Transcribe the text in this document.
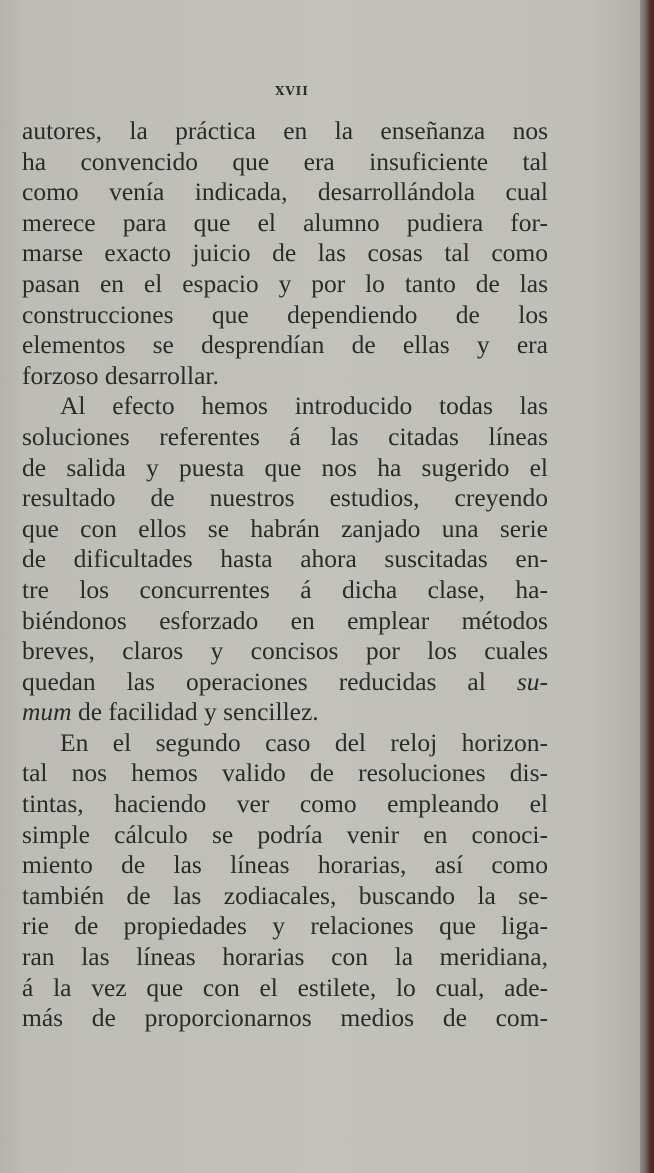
XVII
autores, la práctica en la enseñanza nos
ha convencido que era insuficiente tal
como venía indicada, desarrollándola cual
merece para que el alumno pudiera for-
marse exacto juicio de las cosas tal como
pasan en el espacio y por lo tanto de las
construcciones que dependiendo de los
elementos se desprendían de ellas y era
forzoso desarrollar.
Al efecto hemos introducido todas las
soluciones referentes á las citadas líneas
de salida y puesta que nos ha sugerido el
resultado de nuestros estudios, creyendo
que con ellos se habrán zanjado una serie
de dificultades hasta ahora suscitadas en-
tre los concurrentes á dicha clase, ha-
biéndonos esforzado en emplear métodos
breves, claros y concisos por los cuales
quedan las operaciones reducidas al su-
mum de facilidad y sencillez.
En el segundo caso del reloj horizon-
tal nos hemos valido de resoluciones dis-
tintas, haciendo ver como empleando el
simple cálculo se podría venir en conoci-
miento de las líneas horarias, así como
también de las zodiacales, buscando la se-
rie de propiedades y relaciones que liga-
ran las líneas horarias con la meridiana,
á la vez que con el estilete, lo cual, ade-
más de proporcionarnos medios de com-
